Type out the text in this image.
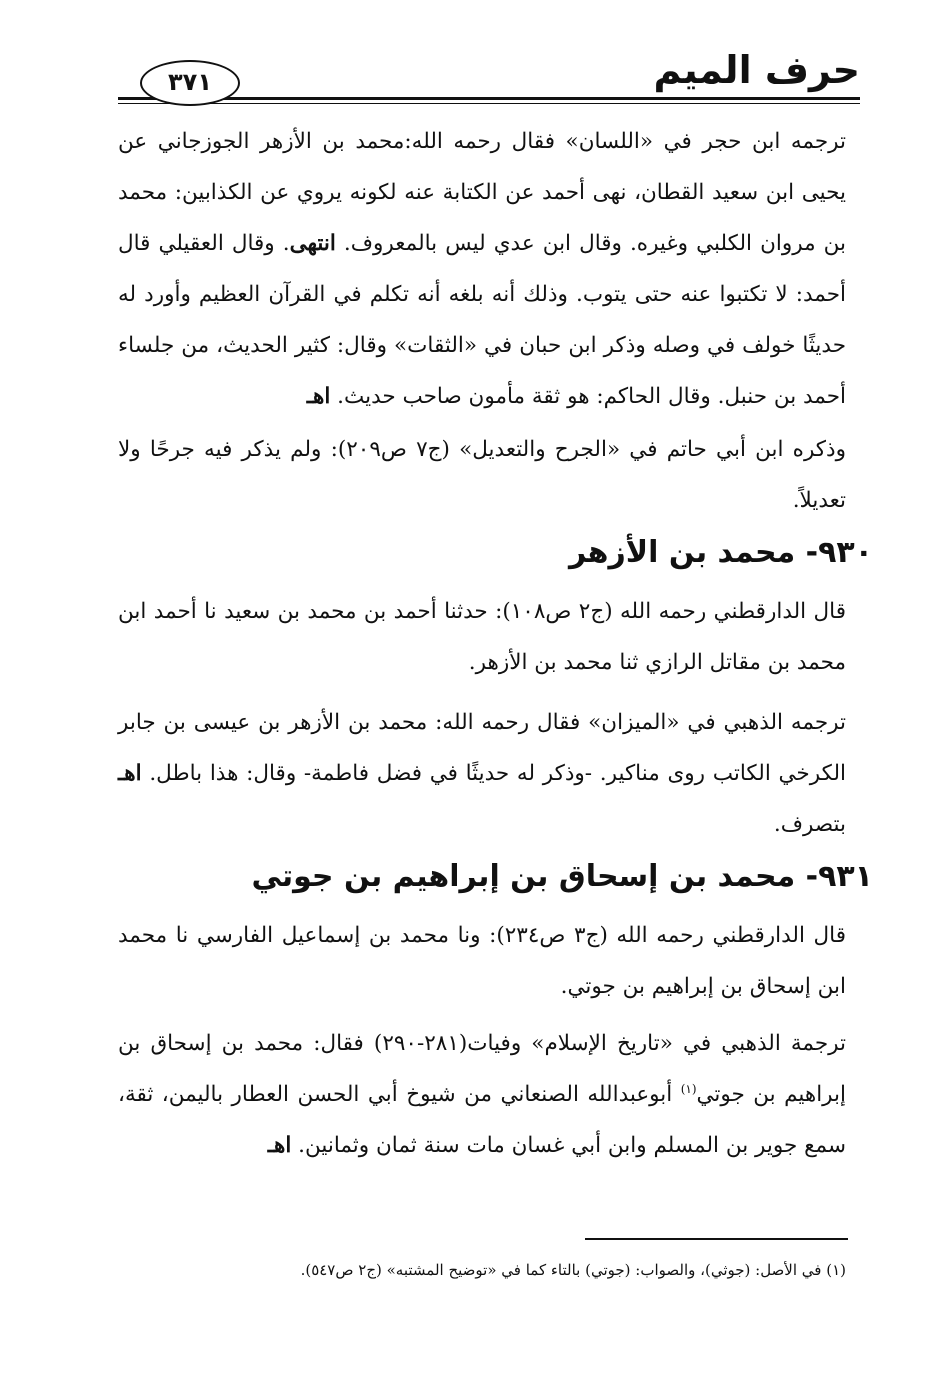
حرف الميم
٣٧١
ترجمه ابن حجر في «اللسان» فقال رحمه الله:محمد بن الأزهر الجوزجاني عن يحيى ابن سعيد القطان، نهى أحمد عن الكتابة عنه لكونه يروي عن الكذابين: محمد بن مروان الكلبي وغيره. وقال ابن عدي ليس بالمعروف. انتهى. وقال العقيلي قال أحمد: لا تكتبوا عنه حتى يتوب. وذلك أنه بلغه أنه تكلم في القرآن العظيم وأورد له حديثًا خولف في وصله وذكر ابن حبان في «الثقات» وقال: كثير الحديث، من جلساء أحمد بن حنبل. وقال الحاكم: هو ثقة مأمون صاحب حديث. اهـ
وذكره ابن أبي حاتم في «الجرح والتعديل» (ج٧ ص٢٠٩): ولم يذكر فيه جرحًا ولا تعديلاً.
٩٣٠- محمد بن الأزهر
قال الدارقطني رحمه الله (ج٢ ص١٠٨): حدثنا أحمد بن محمد بن سعيد نا أحمد ابن محمد بن مقاتل الرازي ثنا محمد بن الأزهر.
ترجمه الذهبي في «الميزان» فقال رحمه الله: محمد بن الأزهر بن عيسى بن جابر الكرخي الكاتب روى مناكير. -وذكر له حديثًا في فضل فاطمة- وقال: هذا باطل. اهـ بتصرف.
٩٣١- محمد بن إسحاق بن إبراهيم بن جوتي
قال الدارقطني رحمه الله (ج٣ ص٢٣٤): ونا محمد بن إسماعيل الفارسي نا محمد ابن إسحاق بن إبراهيم بن جوتي.
ترجمة الذهبي في «تاريخ الإسلام» وفيات(٢٨١-٢٩٠) فقال: محمد بن إسحاق بن إبراهيم بن جوتي$^{(١)}$ أبوعبدالله الصنعاني من شيوخ أبي الحسن العطار باليمن، ثقة، سمع جوير بن المسلم وابن أبي غسان مات سنة ثمان وثمانين. اهـ
(١) في الأصل: (جوثي)، والصواب: (جوتي) بالتاء كما في «توضيح المشتبه» (ج٢ ص٥٤٧).
